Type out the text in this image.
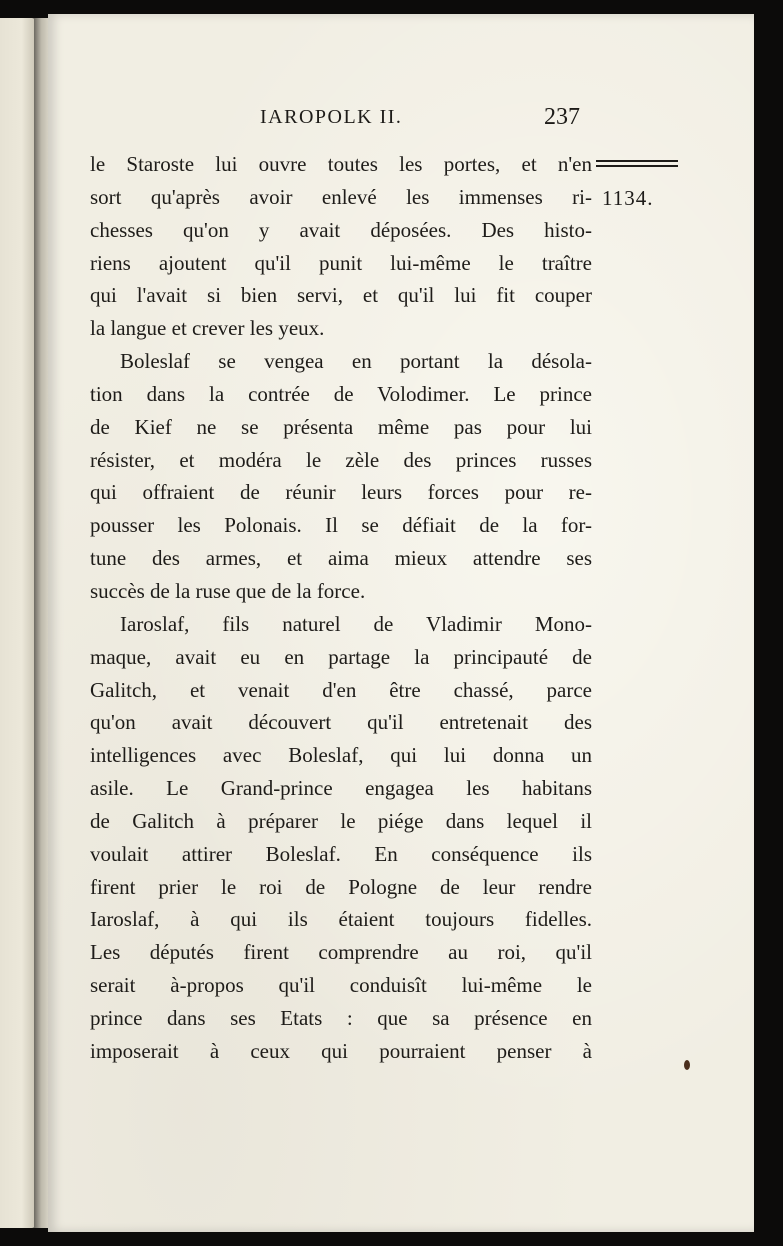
IAROPOLK II.	237
1134.
le Staroste lui ouvre toutes les portes, et n'en
sort qu'après avoir enlevé les immenses ri-
chesses qu'on y avait déposées. Des histo-
riens ajoutent qu'il punit lui-même le traître
qui l'avait si bien servi, et qu'il lui fit couper
la langue et crever les yeux.
Boleslaf se vengea en portant la désola-
tion dans la contrée de Volodimer. Le prince
de Kief ne se présenta même pas pour lui
résister, et modéra le zèle des princes russes
qui offraient de réunir leurs forces pour re-
pousser les Polonais. Il se défiait de la for-
tune des armes, et aima mieux attendre ses
succès de la ruse que de la force.
Iaroslaf, fils naturel de Vladimir Mono-
maque, avait eu en partage la principauté de
Galitch, et venait d'en être chassé, parce
qu'on avait découvert qu'il entretenait des
intelligences avec Boleslaf, qui lui donna un
asile. Le Grand-prince engagea les habitans
de Galitch à préparer le piége dans lequel il
voulait attirer Boleslaf. En conséquence ils
firent prier le roi de Pologne de leur rendre
Iaroslaf, à qui ils étaient toujours fidelles.
Les députés firent comprendre au roi, qu'il
serait à-propos qu'il conduisît lui-même le
prince dans ses Etats : que sa présence en
imposerait à ceux qui pourraient penser à
